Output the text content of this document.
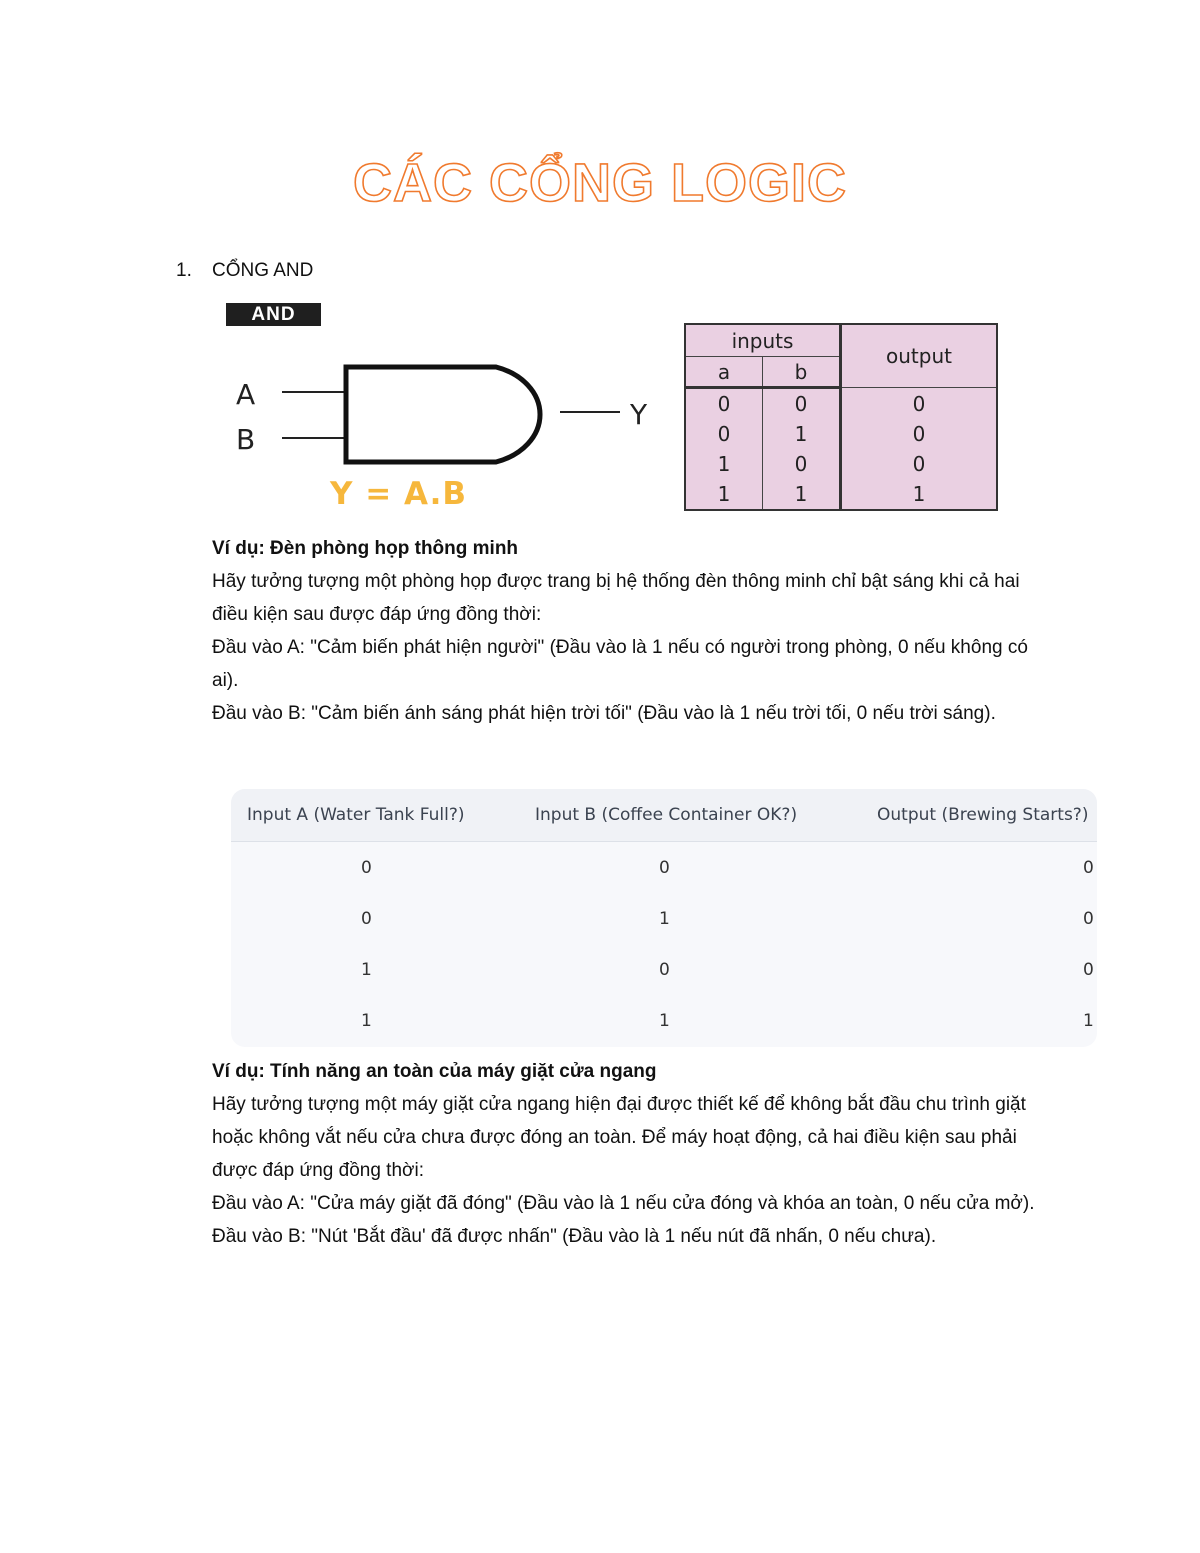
CÁC CỔNG LOGIC
1. CỔNG AND
AND
A
B
Y
Y = A.B
inputs		output
a	b	
0	0	0
0	1	0
1	0	0
1	1	1

Ví dụ: Đèn phòng họp thông minh

Hãy tưởng tượng một phòng họp được trang bị hệ thống đèn thông minh chỉ bật sáng khi cả hai điều kiện sau được đáp ứng đồng thời:

Đầu vào A: "Cảm biến phát hiện người" (Đầu vào là 1 nếu có người trong phòng, 0 nếu không có ai).

Đầu vào B: "Cảm biến ánh sáng phát hiện trời tối" (Đầu vào là 1 nếu trời tối, 0 nếu trời sáng).

Input A (Water Tank Full?)	Input B (Coffee Container OK?)	Output (Brewing Starts?)
0	0	0
0	1	0
1	0	0
1	1	1

Ví dụ: Tính năng an toàn của máy giặt cửa ngang

Hãy tưởng tượng một máy giặt cửa ngang hiện đại được thiết kế để không bắt đầu chu trình giặt hoặc không vắt nếu cửa chưa được đóng an toàn. Để máy hoạt động, cả hai điều kiện sau phải được đáp ứng đồng thời:

Đầu vào A: "Cửa máy giặt đã đóng" (Đầu vào là 1 nếu cửa đóng và khóa an toàn, 0 nếu cửa mở).

Đầu vào B: "Nút 'Bắt đầu' đã được nhấn" (Đầu vào là 1 nếu nút đã nhấn, 0 nếu chưa).
